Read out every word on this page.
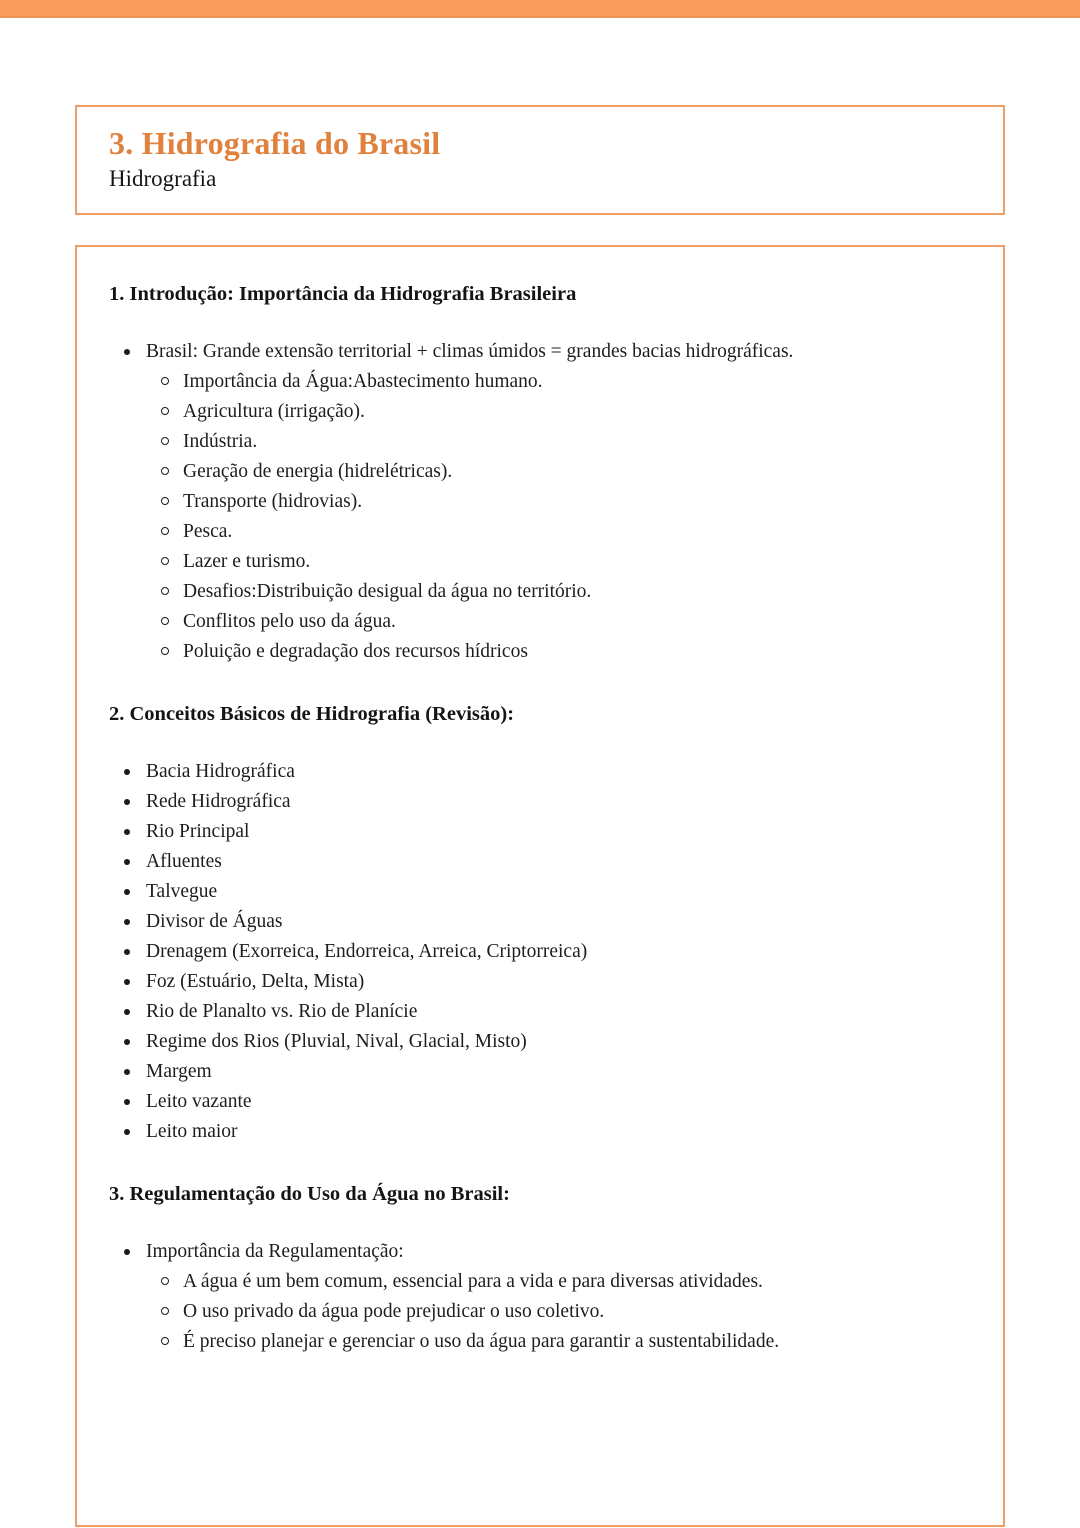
3. Hidrografia do Brasil
Hidrografia
1. Introdução: Importância da Hidrografia Brasileira
Brasil: Grande extensão territorial + climas úmidos = grandes bacias hidrográficas.
Importância da Água:Abastecimento humano.
Agricultura (irrigação).
Indústria.
Geração de energia (hidrelétricas).
Transporte (hidrovias).
Pesca.
Lazer e turismo.
Desafios:Distribuição desigual da água no território.
Conflitos pelo uso da água.
Poluição e degradação dos recursos hídricos
2. Conceitos Básicos de Hidrografia (Revisão):
Bacia Hidrográfica
Rede Hidrográfica
Rio Principal
Afluentes
Talvegue
Divisor de Águas
Drenagem (Exorreica, Endorreica, Arreica, Criptorreica)
Foz (Estuário, Delta, Mista)
Rio de Planalto vs. Rio de Planície
Regime dos Rios (Pluvial, Nival, Glacial, Misto)
Margem
Leito vazante
Leito maior
3. Regulamentação do Uso da Água no Brasil:
Importância da Regulamentação:
A água é um bem comum, essencial para a vida e para diversas atividades.
O uso privado da água pode prejudicar o uso coletivo.
É preciso planejar e gerenciar o uso da água para garantir a sustentabilidade.
